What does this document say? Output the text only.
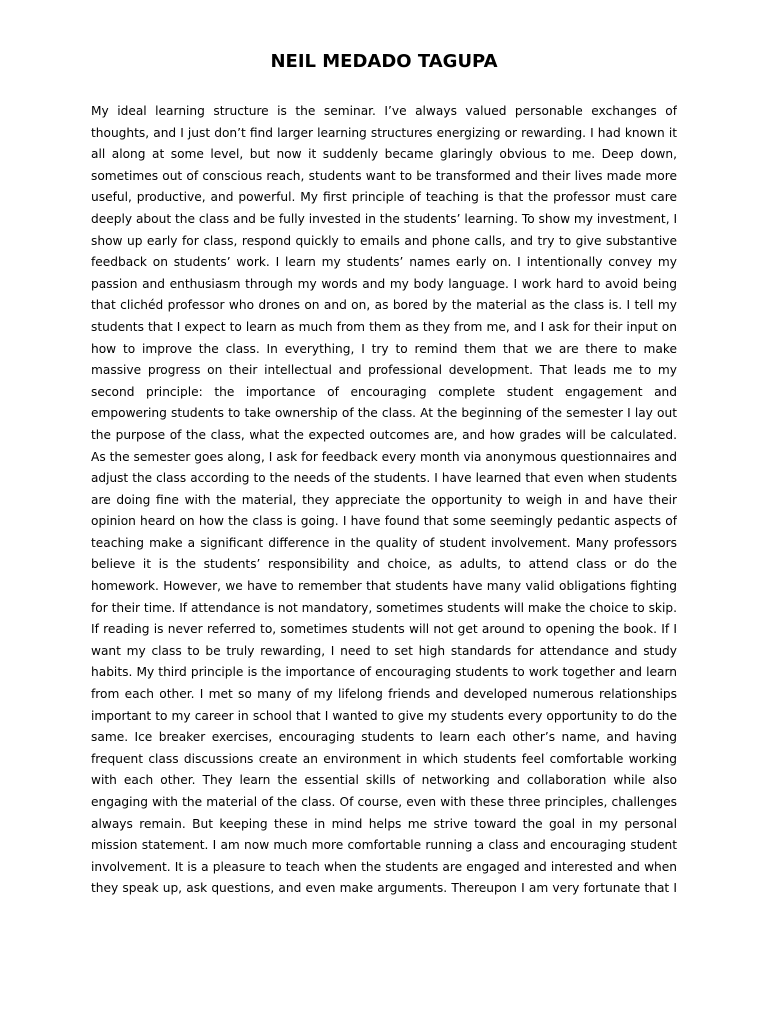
NEIL MEDADO TAGUPA
My ideal learning structure is the seminar. I’ve always valued personable exchanges of
thoughts, and I just don’t find larger learning structures energizing or rewarding. I had known it
all along at some level, but now it suddenly became glaringly obvious to me. Deep down,
sometimes out of conscious reach, students want to be transformed and their lives made more
useful, productive, and powerful. My first principle of teaching is that the professor must care
deeply about the class and be fully invested in the students’ learning. To show my investment, I
show up early for class, respond quickly to emails and phone calls, and try to give substantive
feedback on students’ work. I learn my students’ names early on. I intentionally convey my
passion and enthusiasm through my words and my body language. I work hard to avoid being
that clichéd professor who drones on and on, as bored by the material as the class is. I tell my
students that I expect to learn as much from them as they from me, and I ask for their input on
how to improve the class. In everything, I try to remind them that we are there to make
massive progress on their intellectual and professional development. That leads me to my
second principle: the importance of encouraging complete student engagement and
empowering students to take ownership of the class. At the beginning of the semester I lay out
the purpose of the class, what the expected outcomes are, and how grades will be calculated.
As the semester goes along, I ask for feedback every month via anonymous questionnaires and
adjust the class according to the needs of the students. I have learned that even when students
are doing fine with the material, they appreciate the opportunity to weigh in and have their
opinion heard on how the class is going. I have found that some seemingly pedantic aspects of
teaching make a significant difference in the quality of student involvement. Many professors
believe it is the students’ responsibility and choice, as adults, to attend class or do the
homework. However, we have to remember that students have many valid obligations fighting
for their time. If attendance is not mandatory, sometimes students will make the choice to skip.
If reading is never referred to, sometimes students will not get around to opening the book. If I
want my class to be truly rewarding, I need to set high standards for attendance and study
habits. My third principle is the importance of encouraging students to work together and learn
from each other. I met so many of my lifelong friends and developed numerous relationships
important to my career in school that I wanted to give my students every opportunity to do the
same. Ice breaker exercises, encouraging students to learn each other’s name, and having
frequent class discussions create an environment in which students feel comfortable working
with each other. They learn the essential skills of networking and collaboration while also
engaging with the material of the class. Of course, even with these three principles, challenges
always remain. But keeping these in mind helps me strive toward the goal in my personal
mission statement. I am now much more comfortable running a class and encouraging student
involvement. It is a pleasure to teach when the students are engaged and interested and when
they speak up, ask questions, and even make arguments. Thereupon I am very fortunate that I
